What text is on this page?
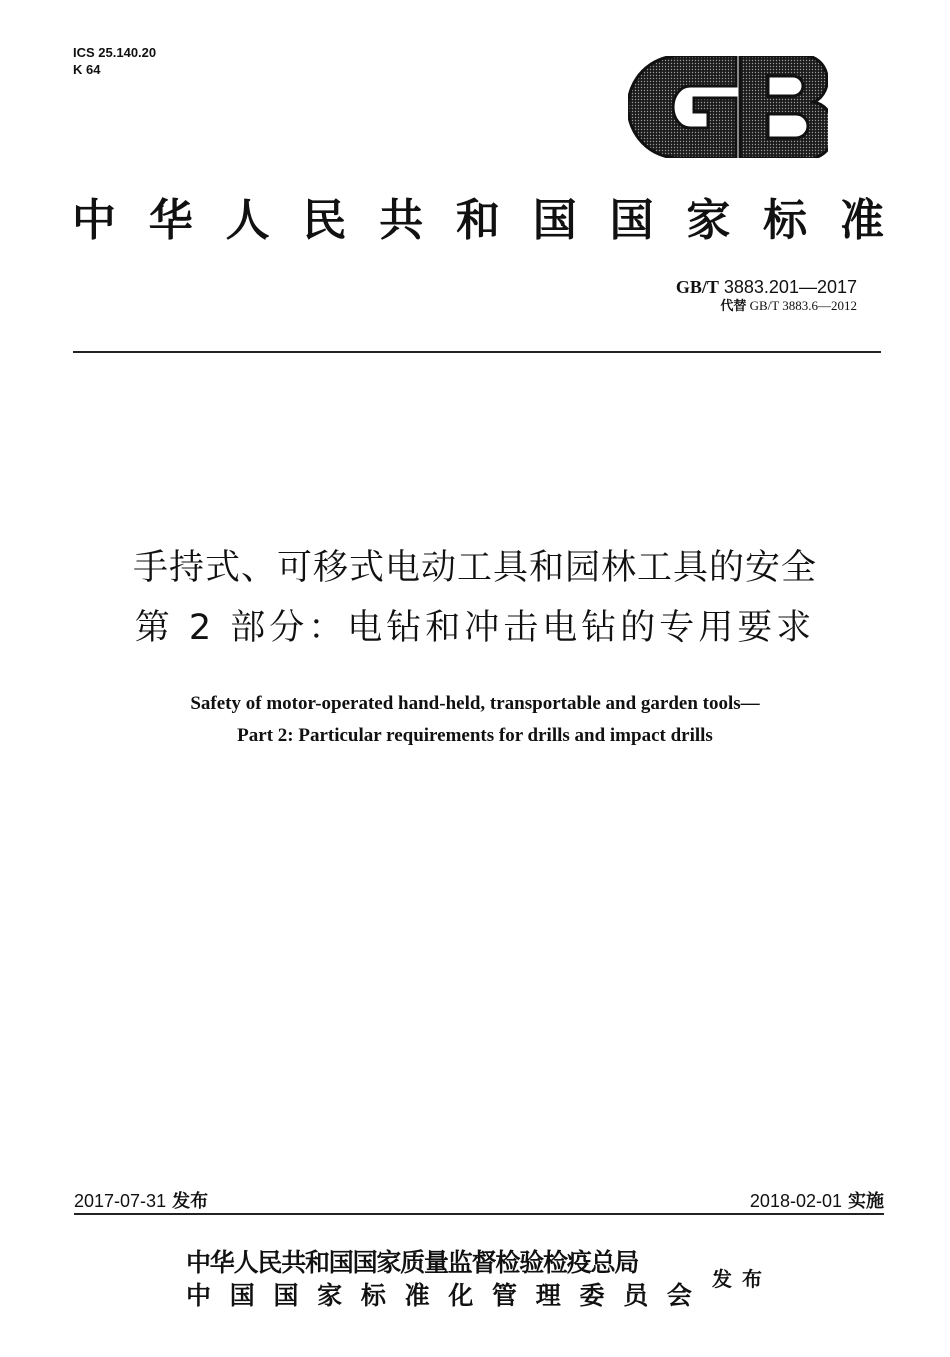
ICS 25.140.20
K 64
中 华 人 民 共 和 国 国 家 标 准
GB/T 3883.201—2017
代替 GB/T 3883.6—2012
手持式、可移式电动工具和园林工具的安全
第 2 部分：电钻和冲击电钻的专用要求
Safety of motor-operated hand-held, transportable and garden tools—
Part 2: Particular requirements for drills and impact drills
2017-07-31 发布	2018-02-01 实施
中华人民共和国国家质量监督检验检疫总局
中 国 国 家 标 准 化 管 理 委 员 会
发布
